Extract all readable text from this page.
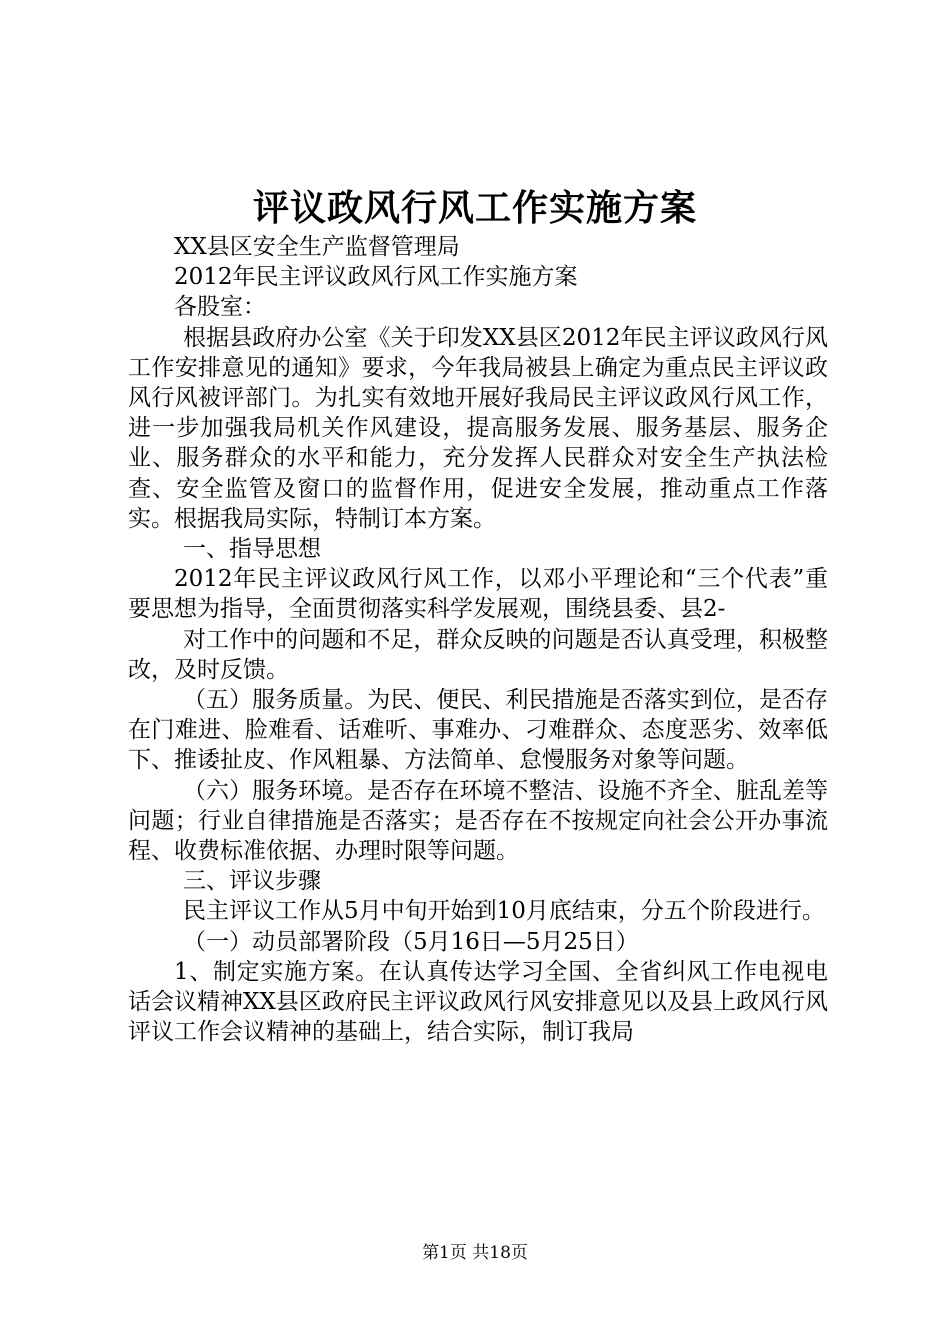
评议政风行风工作实施方案

XX县区安全生产监督管理局

2012年民主评议政风行风工作实施方案

各股室：

根据县政府办公室《关于印发XX县区2012年民主评议政风行风工作安排意见的通知》要求，今年我局被县上确定为重点民主评议政风行风被评部门。为扎实有效地开展好我局民主评议政风行风工作，进一步加强我局机关作风建设，提高服务发展、服务基层、服务企业、服务群众的水平和能力，充分发挥人民群众对安全生产执法检查、安全监管及窗口的监督作用，促进安全发展，推动重点工作落实。根据我局实际，特制订本方案。

一、指导思想

2012年民主评议政风行风工作，以邓小平理论和“三个代表”重要思想为指导，全面贯彻落实科学发展观，围绕县委、县2-

对工作中的问题和不足，群众反映的问题是否认真受理，积极整改，及时反馈。

（五）服务质量。为民、便民、利民措施是否落实到位，是否存在门难进、脸难看、话难听、事难办、刁难群众、态度恶劣、效率低下、推诿扯皮、作风粗暴、方法简单、怠慢服务对象等问题。

（六）服务环境。是否存在环境不整洁、设施不齐全、脏乱差等问题；行业自律措施是否落实；是否存在不按规定向社会公开办事流程、收费标准依据、办理时限等问题。

三、评议步骤

民主评议工作从5月中旬开始到10月底结束，分五个阶段进行。

（一）动员部署阶段（5月16日—5月25日）

1、制定实施方案。在认真传达学习全国、全省纠风工作电视电话会议精神XX县区政府民主评议政风行风安排意见以及县上政风行风评议工作会议精神的基础上，结合实际，制订我局

第1页 共18页
